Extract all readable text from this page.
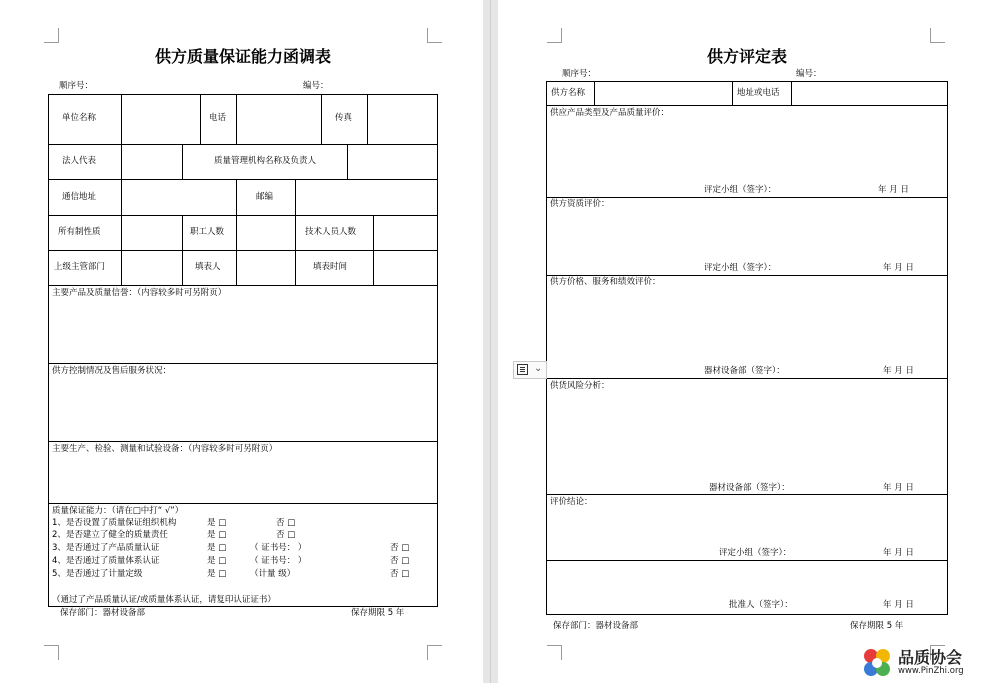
供方质量保证能力函调表
顺序号：	编号：
单位名称	电话	传真
法人代表	质量管理机构名称及负责人
通信地址	邮编
所有制性质	职工人数	技术人员人数
上级主管部门	填表人	填表时间
主要产品及质量信誉：（内容较多时可另附页）
供方控制情况及售后服务状况：
主要生产、检验、测量和试验设备：（内容较多时可另附页）
质量保证能力：（请在□中打“ √”）
1、是否设置了质量保证组织机构	是 □	否 □
2、是否建立了健全的质量责任	是 □	否 □
3、是否通过了产品质量认证	是 □	（ 证书号： ）	否 □
4、是否通过了质量体系认证	是 □	（ 证书号： ）	否 □
5、是否通过了计量定级	是 □	（计量 级）	否 □
（通过了产品质量认证/或质量体系认证，请复印认证证书）
保存部门：器材设备部	保存期限 5 年
供方评定表
顺序号：	编号：
供方名称	地址或电话
供应产品类型及产品质量评价：
评定小组（签字）：	年 月 日
供方资质评价：
评定小组（签字）：	年 月 日
供方价格、服务和绩效评价：
器材设备部（签字）：	年 月 日
供货风险分析：
器材设备部（签字）：	年 月 日
评价结论：
评定小组（签字）：	年 月 日
批准人（签字）：	年 月 日
保存部门：器材设备部	保存期限 5 年
⌄
品质协会
www.PinZhi.org
